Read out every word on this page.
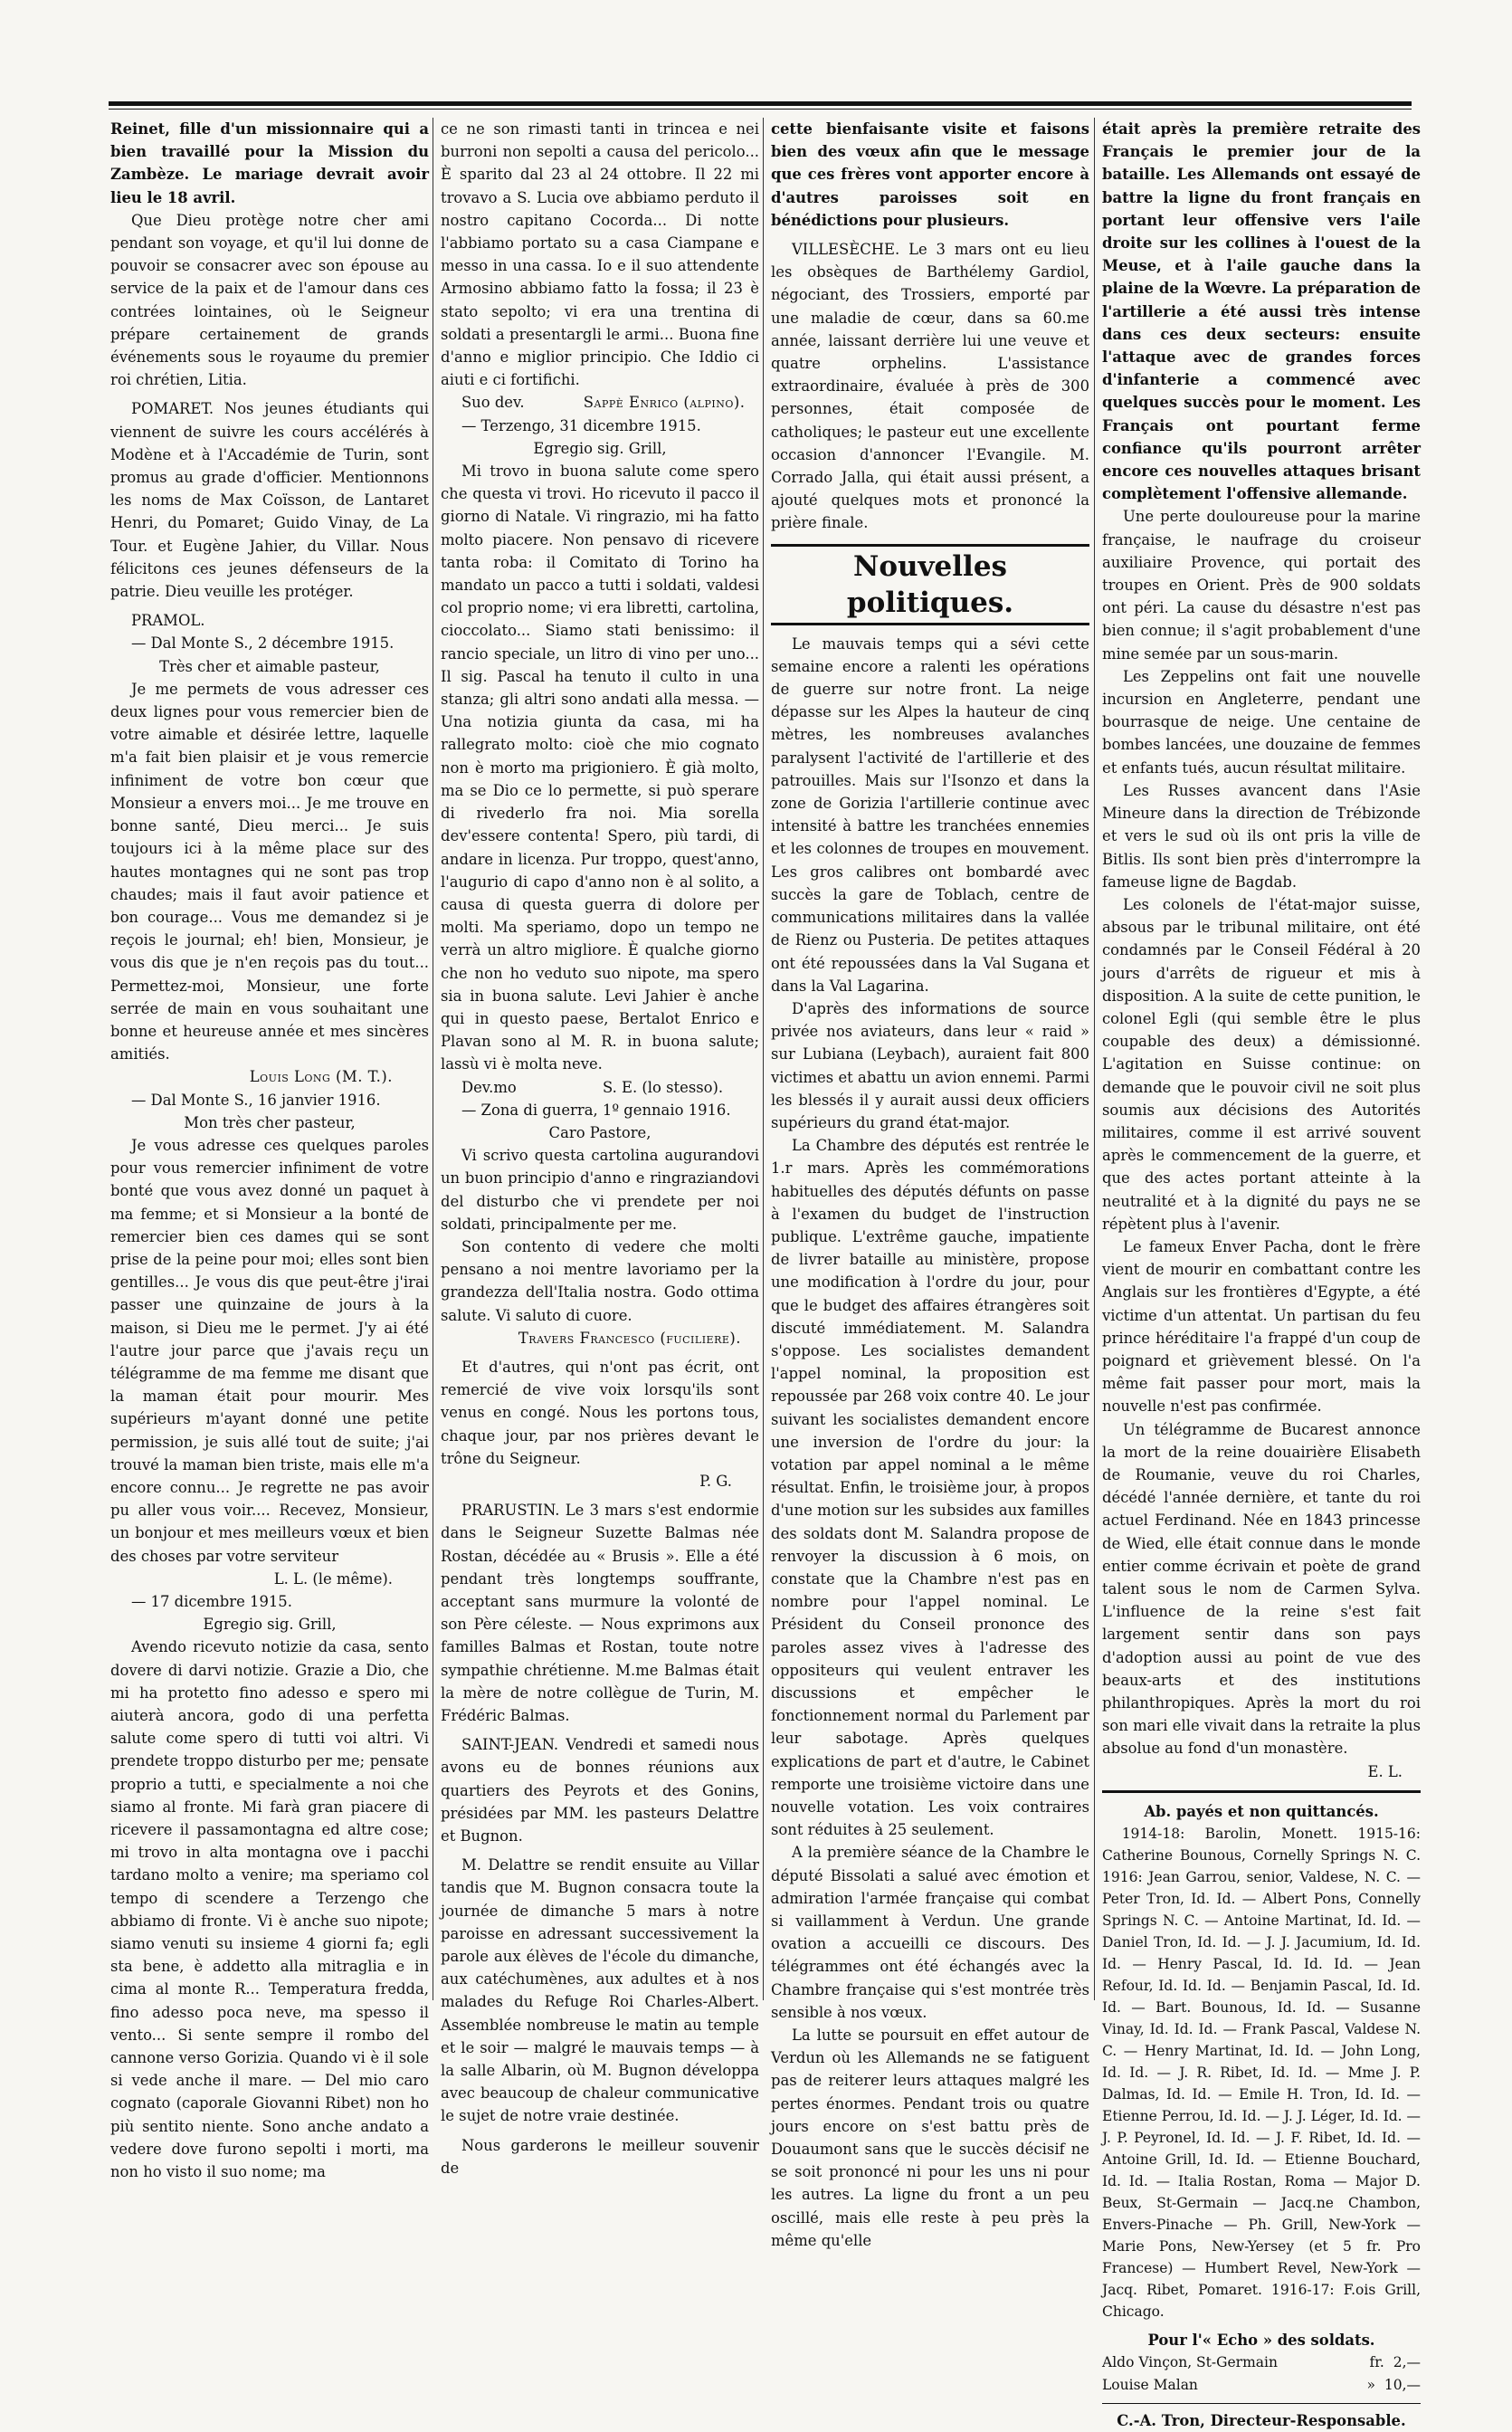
Reinet, fille d'un missionnaire qui a bien travaillé pour la Mission du Zambèze. Le mariage devrait avoir lieu le 18 avril.

Que Dieu protège notre cher ami pendant son voyage, et qu'il lui donne de pouvoir se consacrer avec son épouse au service de la paix et de l'amour dans ces contrées lointaines, où le Seigneur prépare certainement de grands événements sous le royaume du premier roi chrétien, Litia.

POMARET. Nos jeunes étudiants qui viennent de suivre les cours accélérés à Modène et à l'Accadémie de Turin, sont promus au grade d'officier. Mentionnons les noms de Max Coïsson, de Lantaret Henri, du Pomaret; Guido Vinay, de La Tour. et Eugène Jahier, du Villar. Nous félicitons ces jeunes défenseurs de la patrie. Dieu veuille les protéger.

PRAMOL.

— Dal Monte S., 2 décembre 1915.

Très cher et aimable pasteur,

Je me permets de vous adresser ces deux lignes pour vous remercier bien de votre aimable et désirée lettre, laquelle m'a fait bien plaisir et je vous remercie infiniment de votre bon cœur que Monsieur a envers moi... Je me trouve en bonne santé, Dieu merci... Je suis toujours ici à la même place sur des hautes montagnes qui ne sont pas trop chaudes; mais il faut avoir patience et bon courage... Vous me demandez si je reçois le journal; eh! bien, Monsieur, je vous dis que je n'en reçois pas du tout... Permettez-moi, Monsieur, une forte serrée de main en vous souhaitant une bonne et heureuse année et mes sincères amitiés.

Louis Long (M. T.).

— Dal Monte S., 16 janvier 1916.

Mon très cher pasteur,

Je vous adresse ces quelques paroles pour vous remercier infiniment de votre bonté que vous avez donné un paquet à ma femme; et si Monsieur a la bonté de remercier bien ces dames qui se sont prise de la peine pour moi; elles sont bien gentilles... Je vous dis que peut-être j'irai passer une quinzaine de jours à la maison, si Dieu me le permet. J'y ai été l'autre jour parce que j'avais reçu un télégramme de ma femme me disant que la maman était pour mourir. Mes supérieurs m'ayant donné une petite permission, je suis allé tout de suite; j'ai trouvé la maman bien triste, mais elle m'a encore connu... Je regrette ne pas avoir pu aller vous voir.... Recevez, Monsieur, un bonjour et mes meilleurs vœux et bien des choses par votre serviteur

L. L. (le même).

— 17 dicembre 1915.

Egregio sig. Grill,

Avendo ricevuto notizie da casa, sento dovere di darvi notizie. Grazie a Dio, che mi ha protetto fino adesso e spero mi aiuterà ancora, godo di una perfetta salute come spero di tutti voi altri. Vi prendete troppo disturbo per me; pensate proprio a tutti, e specialmente a noi che siamo al fronte. Mi farà gran piacere di ricevere il passamontagna ed altre cose; mi trovo in alta montagna ove i pacchi tardano molto a venire; ma speriamo col tempo di scendere a Terzengo che abbiamo di fronte. Vi è anche suo nipote; siamo venuti su insieme 4 giorni fa; egli sta bene, è addetto alla mitraglia e in cima al monte R... Temperatura fredda, fino adesso poca neve, ma spesso il vento... Si sente sempre il rombo del cannone verso Gorizia. Quando vi è il sole si vede anche il mare. — Del mio caro cognato (caporale Giovanni Ribet) non ho più sentito niente. Sono anche andato a vedere dove furono sepolti i morti, ma non ho visto il suo nome; ma

ce ne son rimasti tanti in trincea e nei burroni non sepolti a causa del pericolo... È sparito dal 23 al 24 ottobre. Il 22 mi trovavo a S. Lucia ove abbiamo perduto il nostro capitano Cocorda... Di notte l'abbiamo portato su a casa Ciampane e messo in una cassa. Io e il suo attendente Armosino abbiamo fatto la fossa; il 23 è stato sepolto; vi era una trentina di soldati a presentargli le armi... Buona fine d'anno e miglior principio. Che Iddio ci aiuti e ci fortifichi.

Suo dev.	Sappè Enrico (alpino).

— Terzengo, 31 dicembre 1915.

Egregio sig. Grill,

Mi trovo in buona salute come spero che questa vi trovi. Ho ricevuto il pacco il giorno di Natale. Vi ringrazio, mi ha fatto molto piacere. Non pensavo di ricevere tanta roba: il Comitato di Torino ha mandato un pacco a tutti i soldati, valdesi col proprio nome; vi era libretti, cartolina, cioccolato... Siamo stati benissimo: il rancio speciale, un litro di vino per uno... Il sig. Pascal ha tenuto il culto in una stanza; gli altri sono andati alla messa. — Una notizia giunta da casa, mi ha rallegrato molto: cioè che mio cognato non è morto ma prigioniero. È già molto, ma se Dio ce lo permette, si può sperare di rivederlo fra noi. Mia sorella dev'essere contenta! Spero, più tardi, di andare in licenza. Pur troppo, quest'anno, l'augurio di capo d'anno non è al solito, a causa di questa guerra di dolore per molti. Ma speriamo, dopo un tempo ne verrà un altro migliore. È qualche giorno che non ho veduto suo nipote, ma spero sia in buona salute. Levi Jahier è anche qui in questo paese, Bertalot Enrico e Plavan sono al M. R. in buona salute; lassù vi è molta neve.

Dev.mo	S. E. (lo stesso).

— Zona di guerra, 1º gennaio 1916.

Caro Pastore,

Vi scrivo questa cartolina augurandovi un buon principio d'anno e ringraziandovi del disturbo che vi prendete per noi soldati, principalmente per me.

Son contento di vedere che molti pensano a noi mentre lavoriamo per la grandezza dell'Italia nostra. Godo ottima salute. Vi saluto di cuore.

Travers Francesco (fuciliere).

Et d'autres, qui n'ont pas écrit, ont remercié de vive voix lorsqu'ils sont venus en congé. Nous les portons tous, chaque jour, par nos prières devant le trône du Seigneur.

P. G.

PRARUSTIN. Le 3 mars s'est endormie dans le Seigneur Suzette Balmas née Rostan, décédée au « Brusis ». Elle a été pendant très longtemps souffrante, acceptant sans murmure la volonté de son Père céleste. — Nous exprimons aux familles Balmas et Rostan, toute notre sympathie chrétienne. M.me Balmas était la mère de notre collègue de Turin, M. Frédéric Balmas.

SAINT-JEAN. Vendredi et samedi nous avons eu de bonnes réunions aux quartiers des Peyrots et des Gonins, présidées par MM. les pasteurs Delattre et Bugnon.

M. Delattre se rendit ensuite au Villar tandis que M. Bugnon consacra toute la journée de dimanche 5 mars à notre paroisse en adressant successivement la parole aux élèves de l'école du dimanche, aux catéchumènes, aux adultes et à nos malades du Refuge Roi Charles-Albert. Assemblée nombreuse le matin au temple et le soir — malgré le mauvais temps — à la salle Albarin, où M. Bugnon développa avec beaucoup de chaleur communicative le sujet de notre vraie destinée.

Nous garderons le meilleur souvenir de

cette bienfaisante visite et faisons bien des vœux afin que le message que ces frères vont apporter encore à d'autres paroisses soit en bénédictions pour plusieurs.

VILLESÈCHE. Le 3 mars ont eu lieu les obsèques de Barthélemy Gardiol, négociant, des Trossiers, emporté par une maladie de cœur, dans sa 60.me année, laissant derrière lui une veuve et quatre orphelins. L'assistance extraordinaire, évaluée à près de 300 personnes, était composée de catholiques; le pasteur eut une excellente occasion d'annoncer l'Evangile. M. Corrado Jalla, qui était aussi présent, a ajouté quelques mots et prononcé la prière finale.

Nouvelles politiques.

Le mauvais temps qui a sévi cette semaine encore a ralenti les opérations de guerre sur notre front. La neige dépasse sur les Alpes la hauteur de cinq mètres, les nombreuses avalanches paralysent l'activité de l'artillerie et des patrouilles. Mais sur l'Isonzo et dans la zone de Gorizia l'artillerie continue avec intensité à battre les tranchées ennemies et les colonnes de troupes en mouvement. Les gros calibres ont bombardé avec succès la gare de Toblach, centre de communications militaires dans la vallée de Rienz ou Pusteria. De petites attaques ont été repoussées dans la Val Sugana et dans la Val Lagarina.

D'après des informations de source privée nos aviateurs, dans leur « raid » sur Lubiana (Leybach), auraient fait 800 victimes et abattu un avion ennemi. Parmi les blessés il y aurait aussi deux officiers supérieurs du grand état-major.

La Chambre des députés est rentrée le 1.r mars. Après les commémorations habituelles des députés défunts on passe à l'examen du budget de l'instruction publique. L'extrême gauche, impatiente de livrer bataille au ministère, propose une modification à l'ordre du jour, pour que le budget des affaires étrangères soit discuté immédiatement. M. Salandra s'oppose. Les socialistes demandent l'appel nominal, la proposition est repoussée par 268 voix contre 40. Le jour suivant les socialistes demandent encore une inversion de l'ordre du jour: la votation par appel nominal a le même résultat. Enfin, le troisième jour, à propos d'une motion sur les subsides aux familles des soldats dont M. Salandra propose de renvoyer la discussion à 6 mois, on constate que la Chambre n'est pas en nombre pour l'appel nominal. Le Président du Conseil prononce des paroles assez vives à l'adresse des oppositeurs qui veulent entraver les discussions et empêcher le fonctionnement normal du Parlement par leur sabotage. Après quelques explications de part et d'autre, le Cabinet remporte une troisième victoire dans une nouvelle votation. Les voix contraires sont réduites à 25 seulement.

A la première séance de la Chambre le député Bissolati a salué avec émotion et admiration l'armée française qui combat si vaillamment à Verdun. Une grande ovation a accueilli ce discours. Des télégrammes ont été échangés avec la Chambre française qui s'est montrée très sensible à nos vœux.

La lutte se poursuit en effet autour de Verdun où les Allemands ne se fatiguent pas de reiterer leurs attaques malgré les pertes énormes. Pendant trois ou quatre jours encore on s'est battu près de Douaumont sans que le succès décisif ne se soit prononcé ni pour les uns ni pour les autres. La ligne du front a un peu oscillé, mais elle reste à peu près la même qu'elle

était après la première retraite des Français le premier jour de la bataille. Les Allemands ont essayé de battre la ligne du front français en portant leur offensive vers l'aile droite sur les collines à l'ouest de la Meuse, et à l'aile gauche dans la plaine de la Wœvre. La préparation de l'artillerie a été aussi très intense dans ces deux secteurs: ensuite l'attaque avec de grandes forces d'infanterie a commencé avec quelques succès pour le moment. Les Français ont pourtant ferme confiance qu'ils pourront arrêter encore ces nouvelles attaques brisant complètement l'offensive allemande.

Une perte douloureuse pour la marine française, le naufrage du croiseur auxiliaire Provence, qui portait des troupes en Orient. Près de 900 soldats ont péri. La cause du désastre n'est pas bien connue; il s'agit probablement d'une mine semée par un sous-marin.

Les Zeppelins ont fait une nouvelle incursion en Angleterre, pendant une bourrasque de neige. Une centaine de bombes lancées, une douzaine de femmes et enfants tués, aucun résultat militaire.

Les Russes avancent dans l'Asie Mineure dans la direction de Trébizonde et vers le sud où ils ont pris la ville de Bitlis. Ils sont bien près d'interrompre la fameuse ligne de Bagdab.

Les colonels de l'état-major suisse, absous par le tribunal militaire, ont été condamnés par le Conseil Fédéral à 20 jours d'arrêts de rigueur et mis à disposition. A la suite de cette punition, le colonel Egli (qui semble être le plus coupable des deux) a démissionné. L'agitation en Suisse continue: on demande que le pouvoir civil ne soit plus soumis aux décisions des Autorités militaires, comme il est arrivé souvent après le commencement de la guerre, et que des actes portant atteinte à la neutralité et à la dignité du pays ne se répètent plus à l'avenir.

Le fameux Enver Pacha, dont le frère vient de mourir en combattant contre les Anglais sur les frontières d'Egypte, a été victime d'un attentat. Un partisan du feu prince héréditaire l'a frappé d'un coup de poignard et grièvement blessé. On l'a même fait passer pour mort, mais la nouvelle n'est pas confirmée.

Un télégramme de Bucarest annonce la mort de la reine douairière Elisabeth de Roumanie, veuve du roi Charles, décédé l'année dernière, et tante du roi actuel Ferdinand. Née en 1843 princesse de Wied, elle était connue dans le monde entier comme écrivain et poète de grand talent sous le nom de Carmen Sylva. L'influence de la reine s'est fait largement sentir dans son pays d'adoption aussi au point de vue des beaux-arts et des institutions philanthropiques. Après la mort du roi son mari elle vivait dans la retraite la plus absolue au fond d'un monastère.

E. L.

Ab. payés et non quittancés.

1914-18: Barolin, Monett. 1915-16: Catherine Bounous, Cornelly Springs N. C. 1916: Jean Garrou, senior, Valdese, N. C. — Peter Tron, Id. Id. — Albert Pons, Connelly Springs N. C. — Antoine Martinat, Id. Id. — Daniel Tron, Id. Id. — J. J. Jacumium, Id. Id. Id. — Henry Pascal, Id. Id. Id. — Jean Refour, Id. Id. Id. — Benjamin Pascal, Id. Id. Id. — Bart. Bounous, Id. Id. — Susanne Vinay, Id. Id. Id. — Frank Pascal, Valdese N. C. — Henry Martinat, Id. Id. — John Long, Id. Id. — J. R. Ribet, Id. Id. — Mme J. P. Dalmas, Id. Id. — Emile H. Tron, Id. Id. — Etienne Perrou, Id. Id. — J. J. Léger, Id. Id. — J. P. Peyronel, Id. Id. — J. F. Ribet, Id. Id. — Antoine Grill, Id. Id. — Etienne Bouchard, Id. Id. — Italia Rostan, Roma — Major D. Beux, St-Germain — Jacq.ne Chambon, Envers-Pinache — Ph. Grill, New-York — Marie Pons, New-Yersey (et 5 fr. Pro Francese) — Humbert Revel, New-York — Jacq. Ribet, Pomaret. 1916-17: F.ois Grill, Chicago.

Pour l'« Echo » des soldats.

Aldo Vinçon, St-Germain	fr. 2,—
Louise Malan	» 10,—

C.-A. Tron, Directeur-Responsable.
